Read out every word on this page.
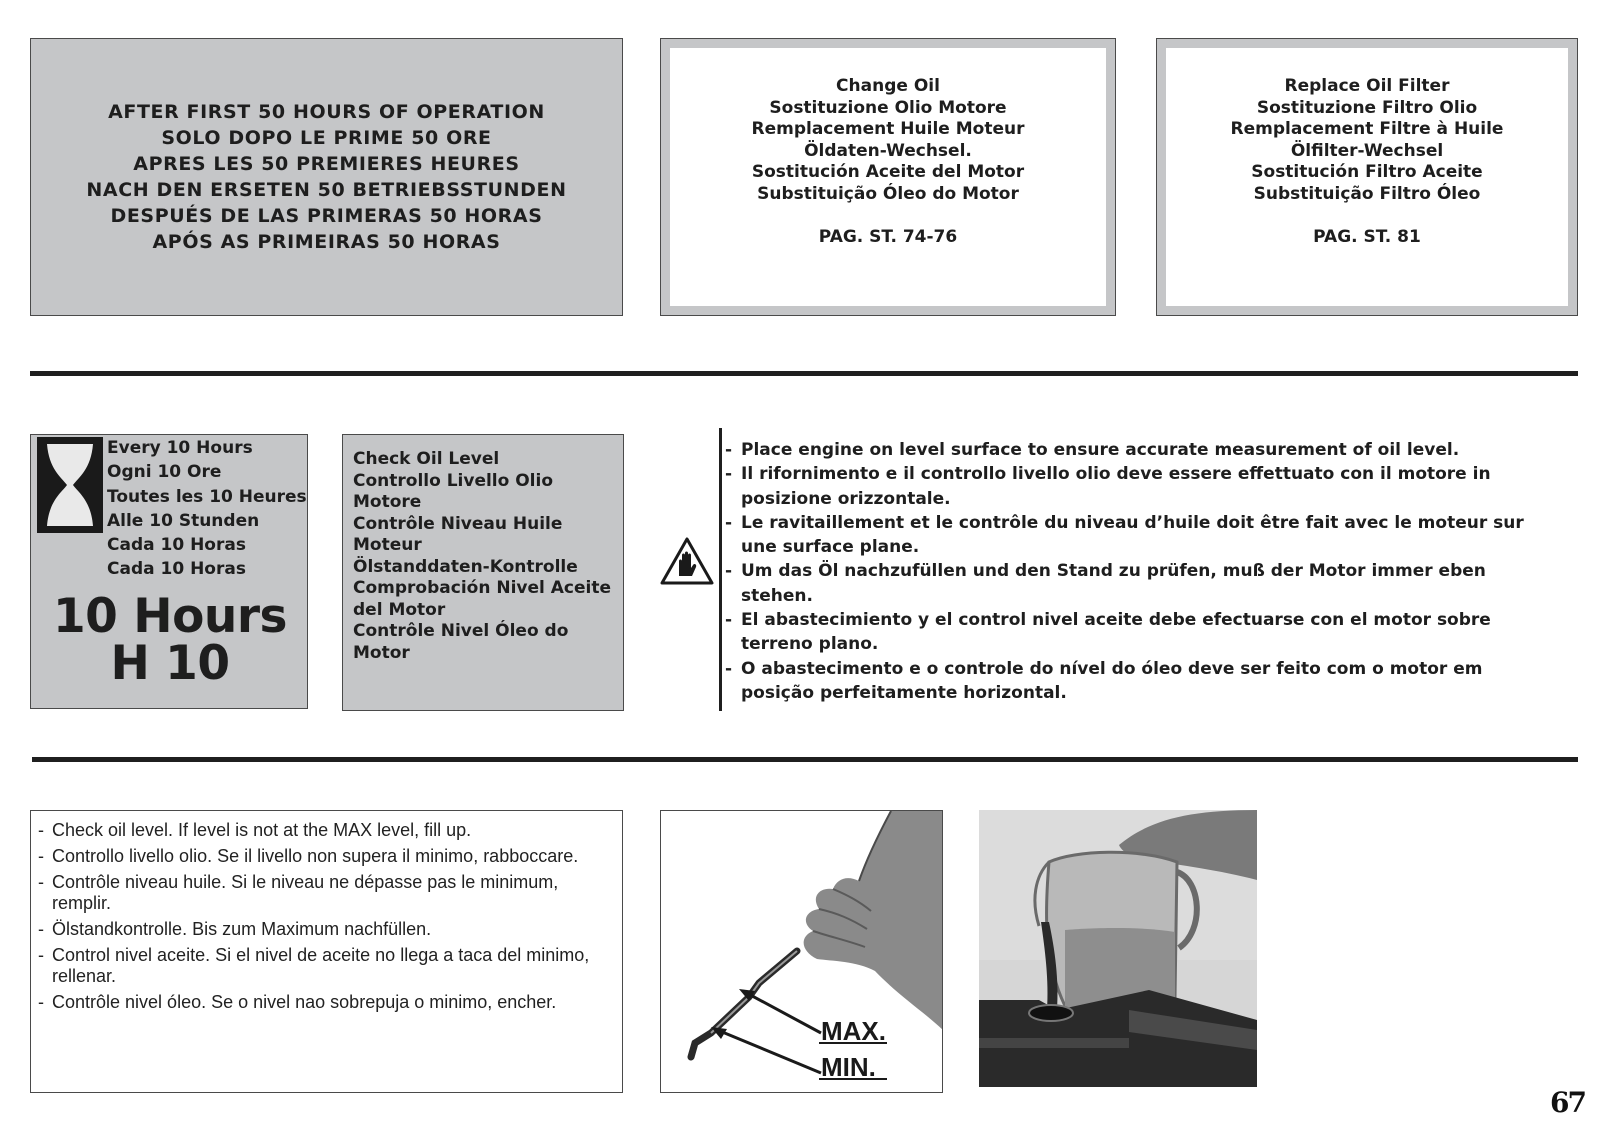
AFTER FIRST 50 HOURS OF OPERATION
SOLO DOPO LE PRIME 50 ORE
APRES LES 50 PREMIERES HEURES
NACH DEN ERSETEN 50 BETRIEBSSTUNDEN
DESPUÉS DE LAS PRIMERAS 50 HORAS
APÓS AS PRIMEIRAS 50 HORAS
Change Oil
Sostituzione Olio Motore
Remplacement Huile Moteur
Öldaten-Wechsel.
Sostitución Aceite del Motor
Substituição Óleo do Motor
PAG. ST. 74-76
Replace Oil Filter
Sostituzione Filtro Olio
Remplacement Filtre à Huile
Ölfilter-Wechsel
Sostitución Filtro Aceite
Substituição Filtro Óleo
PAG. ST. 81
Every 10 Hours
Ogni 10 Ore
Toutes les 10 Heures
Alle 10 Stunden
Cada 10 Horas
Cada 10 Horas
10 Hours
H 10
Check Oil Level
Controllo Livello Olio Motore
Contrôle Niveau Huile Moteur
Ölstanddaten-Kontrolle
Comprobación Nivel Aceite del Motor
Contrôle Nivel Óleo do Motor
- Place engine on level surface to ensure accurate measurement of oil level.
- Il rifornimento e il controllo livello olio deve essere effettuato con il motore in posizione orizzontale.
- Le ravitaillement et le contrôle du niveau d’huile doit être fait avec le moteur sur une surface plane.
- Um das Öl nachzufüllen und den Stand zu prüfen, muß der Motor immer eben stehen.
- El abastecimiento y el control nivel aceite debe efectuarse con el motor sobre terreno plano.
- O abastecimento e o controle do nível do óleo deve ser feito com o motor em posição perfeitamente horizontal.
- Check oil level. If level is not at the MAX level, fill up.
- Controllo livello olio. Se il livello non supera il minimo, rabboccare.
- Contrôle niveau huile. Si le niveau ne dépasse pas le minimum, remplir.
- Ölstandkontrolle. Bis zum Maximum nachfüllen.
- Control nivel aceite. Si el nivel de aceite no llega a taca del minimo, rellenar.
- Contrôle nivel óleo. Se o nivel nao sobrepuja o minimo, encher.
MAX.
MIN.
67
